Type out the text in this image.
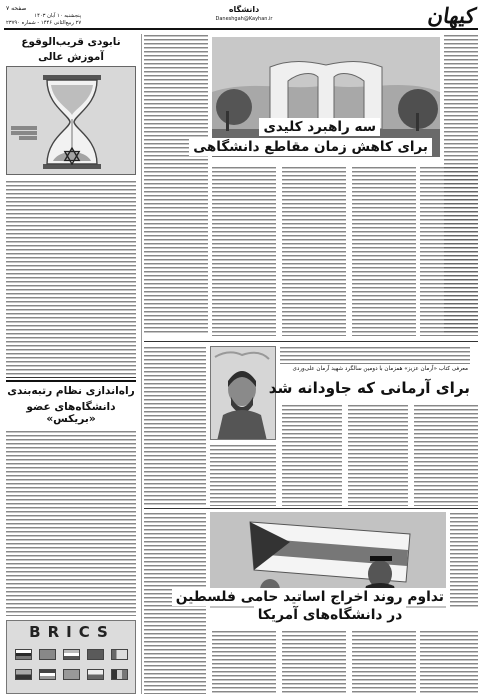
کیهان
دانشگاه
Daneshgah@Kayhan.ir
صفحه ۷
پنجشنبه ۱۰ آبان ۱۴۰۳
۲۷ ربیع‌الثانی ۱۴۴۶ - شماره ۲۳۷۹۰
نابودی قریب‌الوقوع آموزش عالی
راه‌اندازی نظام رتبه‌بندی
دانشگاه‌های عضو «بریکس»
BRICS
سه راهبرد کلیدی
برای کاهش زمان مقاطع دانشگاهی
معرفی کتاب «آرمان عزیز» همزمان با دومین سالگرد شهید آرمان علی‌وردی
برای آرمانی که جاودانه شد
تداوم روند اخراج اساتید حامی فلسطین
در دانشگاه‌های آمریکا
